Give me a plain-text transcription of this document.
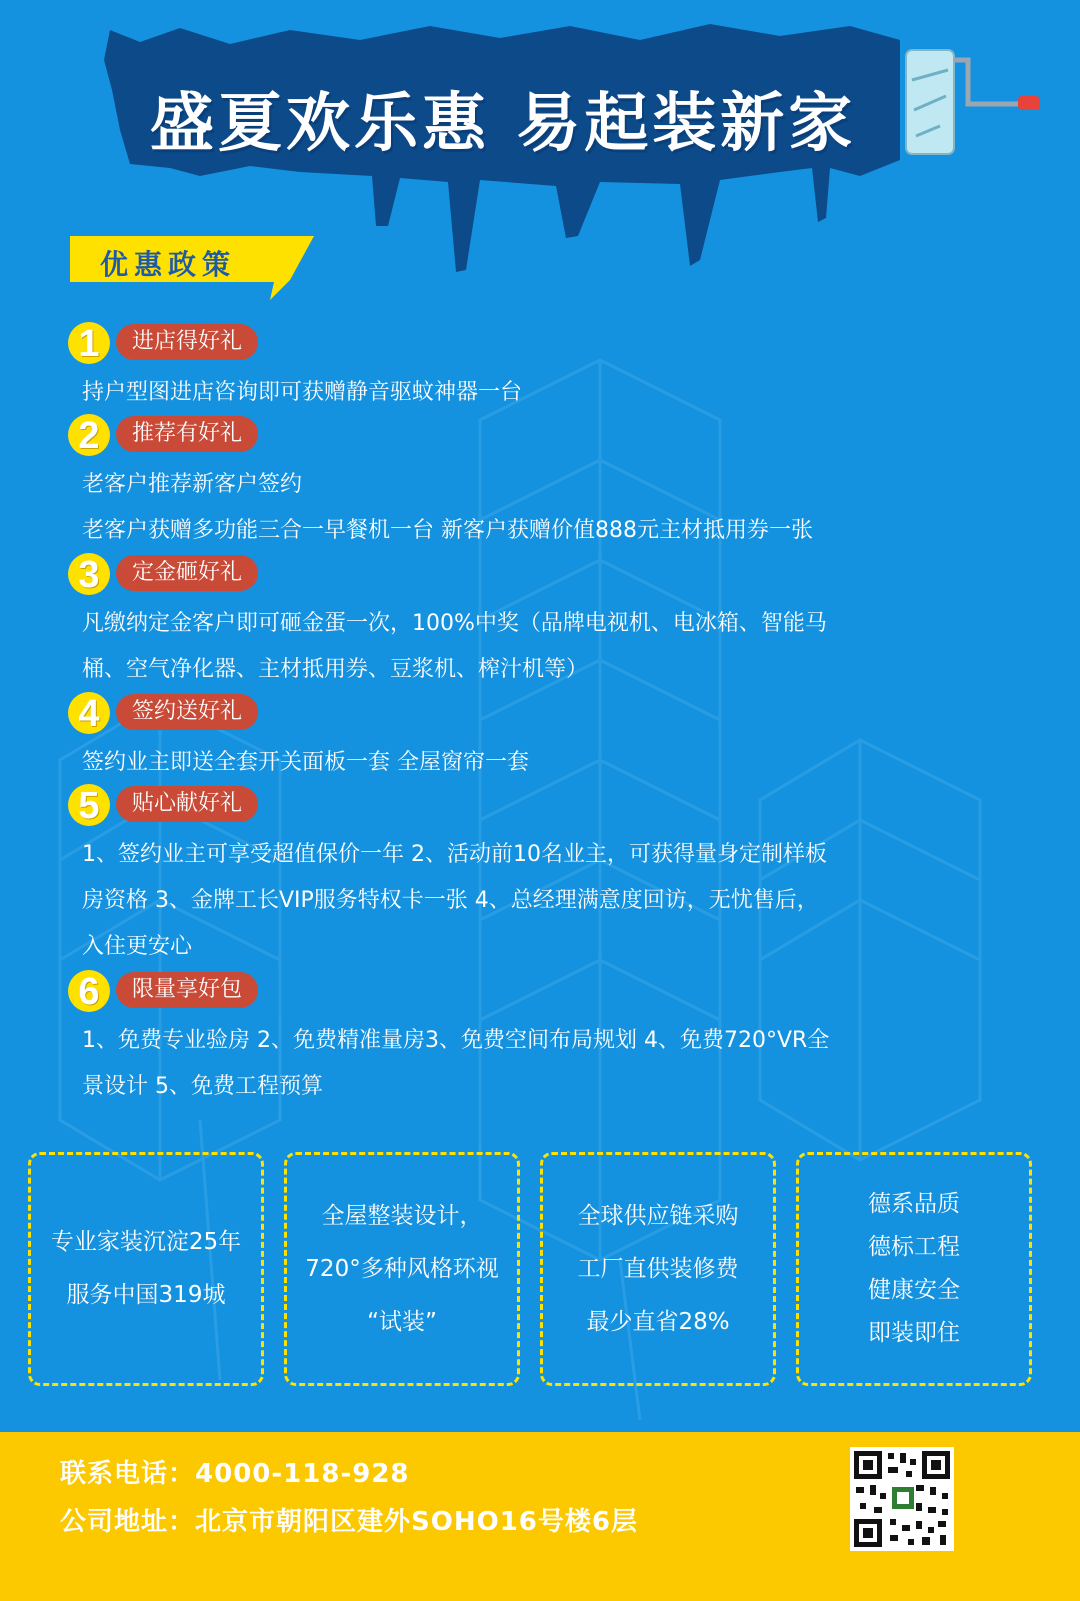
盛夏欢乐惠 易起装新家
优惠政策
1	进店得好礼
持户型图进店咨询即可获赠静音驱蚊神器一台
2	推荐有好礼
老客户推荐新客户签约
老客户获赠多功能三合一早餐机一台 新客户获赠价值888元主材抵用券一张
3	定金砸好礼
凡缴纳定金客户即可砸金蛋一次，100%中奖（品牌电视机、电冰箱、智能马
桶、空气净化器、主材抵用券、豆浆机、榨汁机等）
4	签约送好礼
签约业主即送全套开关面板一套 全屋窗帘一套
5	贴心献好礼
1、签约业主可享受超值保价一年 2、活动前10名业主，可获得量身定制样板
房资格 3、金牌工长VIP服务特权卡一张 4、总经理满意度回访，无忧售后，
入住更安心
6	限量享好包
1、免费专业验房 2、免费精准量房3、免费空间布局规划 4、免费720°VR全
景设计 5、免费工程预算
专业家装沉淀25年
服务中国319城
全屋整装设计，
720°多种风格环视
“试装”
全球供应链采购
工厂直供装修费
最少直省28%
德系品质
德标工程
健康安全
即装即住
联系电话：4000-118-928
公司地址：北京市朝阳区建外SOHO16号楼6层
